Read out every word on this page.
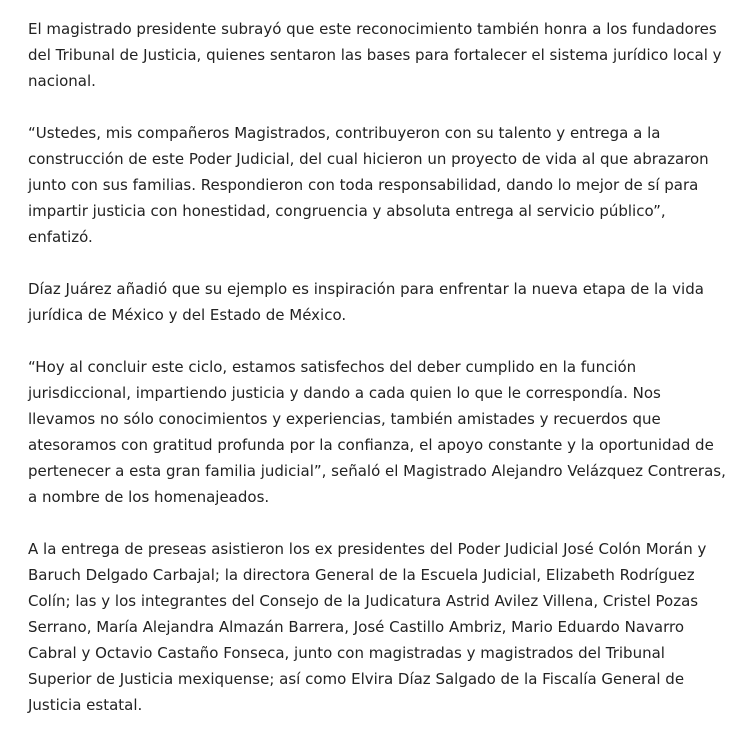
El magistrado presidente subrayó que este reconocimiento también honra a los fundadores del Tribunal de Justicia, quienes sentaron las bases para fortalecer el sistema jurídico local y nacional.

“Ustedes, mis compañeros Magistrados, contribuyeron con su talento y entrega a la construcción de este Poder Judicial, del cual hicieron un proyecto de vida al que abrazaron junto con sus familias. Respondieron con toda responsabilidad, dando lo mejor de sí para impartir justicia con honestidad, congruencia y absoluta entrega al servicio público”, enfatizó.

Díaz Juárez añadió que su ejemplo es inspiración para enfrentar la nueva etapa de la vida jurídica de México y del Estado de México.

“Hoy al concluir este ciclo, estamos satisfechos del deber cumplido en la función jurisdiccional, impartiendo justicia y dando a cada quien lo que le correspondía. Nos llevamos no sólo conocimientos y experiencias, también amistades y recuerdos que atesoramos con gratitud profunda por la confianza, el apoyo constante y la oportunidad de pertenecer a esta gran familia judicial”, señaló el Magistrado Alejandro Velázquez Contreras, a nombre de los homenajeados.

A la entrega de preseas asistieron los ex presidentes del Poder Judicial José Colón Morán y Baruch Delgado Carbajal; la directora General de la Escuela Judicial, Elizabeth Rodríguez Colín; las y los integrantes del Consejo de la Judicatura Astrid Avilez Villena, Cristel Pozas Serrano, María Alejandra Almazán Barrera, José Castillo Ambriz, Mario Eduardo Navarro Cabral y Octavio Castaño Fonseca, junto con magistradas y magistrados del Tribunal Superior de Justicia mexiquense; así como Elvira Díaz Salgado de la Fiscalía General de Justicia estatal.
